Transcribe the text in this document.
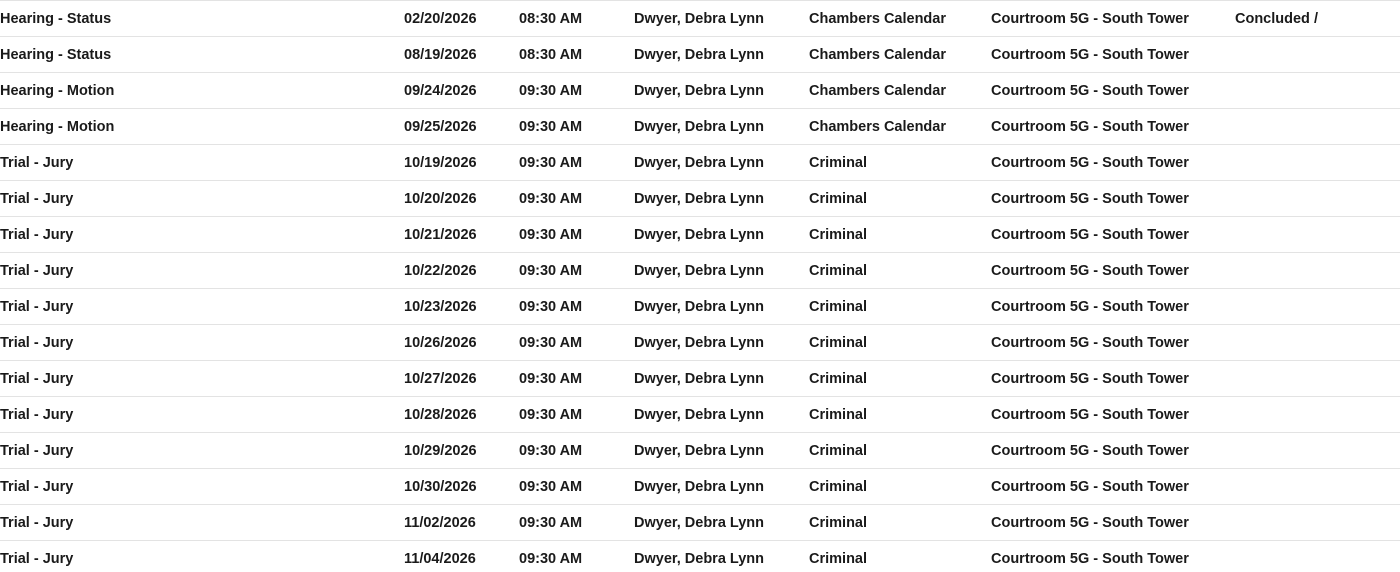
Hearing - Status	02/20/2026	08:30 AM	Dwyer, Debra Lynn	Chambers Calendar	Courtroom 5G - South Tower	Concluded /
Hearing - Status	08/19/2026	08:30 AM	Dwyer, Debra Lynn	Chambers Calendar	Courtroom 5G - South Tower	
Hearing - Motion	09/24/2026	09:30 AM	Dwyer, Debra Lynn	Chambers Calendar	Courtroom 5G - South Tower	
Hearing - Motion	09/25/2026	09:30 AM	Dwyer, Debra Lynn	Chambers Calendar	Courtroom 5G - South Tower	
Trial - Jury	10/19/2026	09:30 AM	Dwyer, Debra Lynn	Criminal	Courtroom 5G - South Tower	
Trial - Jury	10/20/2026	09:30 AM	Dwyer, Debra Lynn	Criminal	Courtroom 5G - South Tower	
Trial - Jury	10/21/2026	09:30 AM	Dwyer, Debra Lynn	Criminal	Courtroom 5G - South Tower	
Trial - Jury	10/22/2026	09:30 AM	Dwyer, Debra Lynn	Criminal	Courtroom 5G - South Tower	
Trial - Jury	10/23/2026	09:30 AM	Dwyer, Debra Lynn	Criminal	Courtroom 5G - South Tower	
Trial - Jury	10/26/2026	09:30 AM	Dwyer, Debra Lynn	Criminal	Courtroom 5G - South Tower	
Trial - Jury	10/27/2026	09:30 AM	Dwyer, Debra Lynn	Criminal	Courtroom 5G - South Tower	
Trial - Jury	10/28/2026	09:30 AM	Dwyer, Debra Lynn	Criminal	Courtroom 5G - South Tower	
Trial - Jury	10/29/2026	09:30 AM	Dwyer, Debra Lynn	Criminal	Courtroom 5G - South Tower	
Trial - Jury	10/30/2026	09:30 AM	Dwyer, Debra Lynn	Criminal	Courtroom 5G - South Tower	
Trial - Jury	11/02/2026	09:30 AM	Dwyer, Debra Lynn	Criminal	Courtroom 5G - South Tower	
Trial - Jury	11/04/2026	09:30 AM	Dwyer, Debra Lynn	Criminal	Courtroom 5G - South Tower	
